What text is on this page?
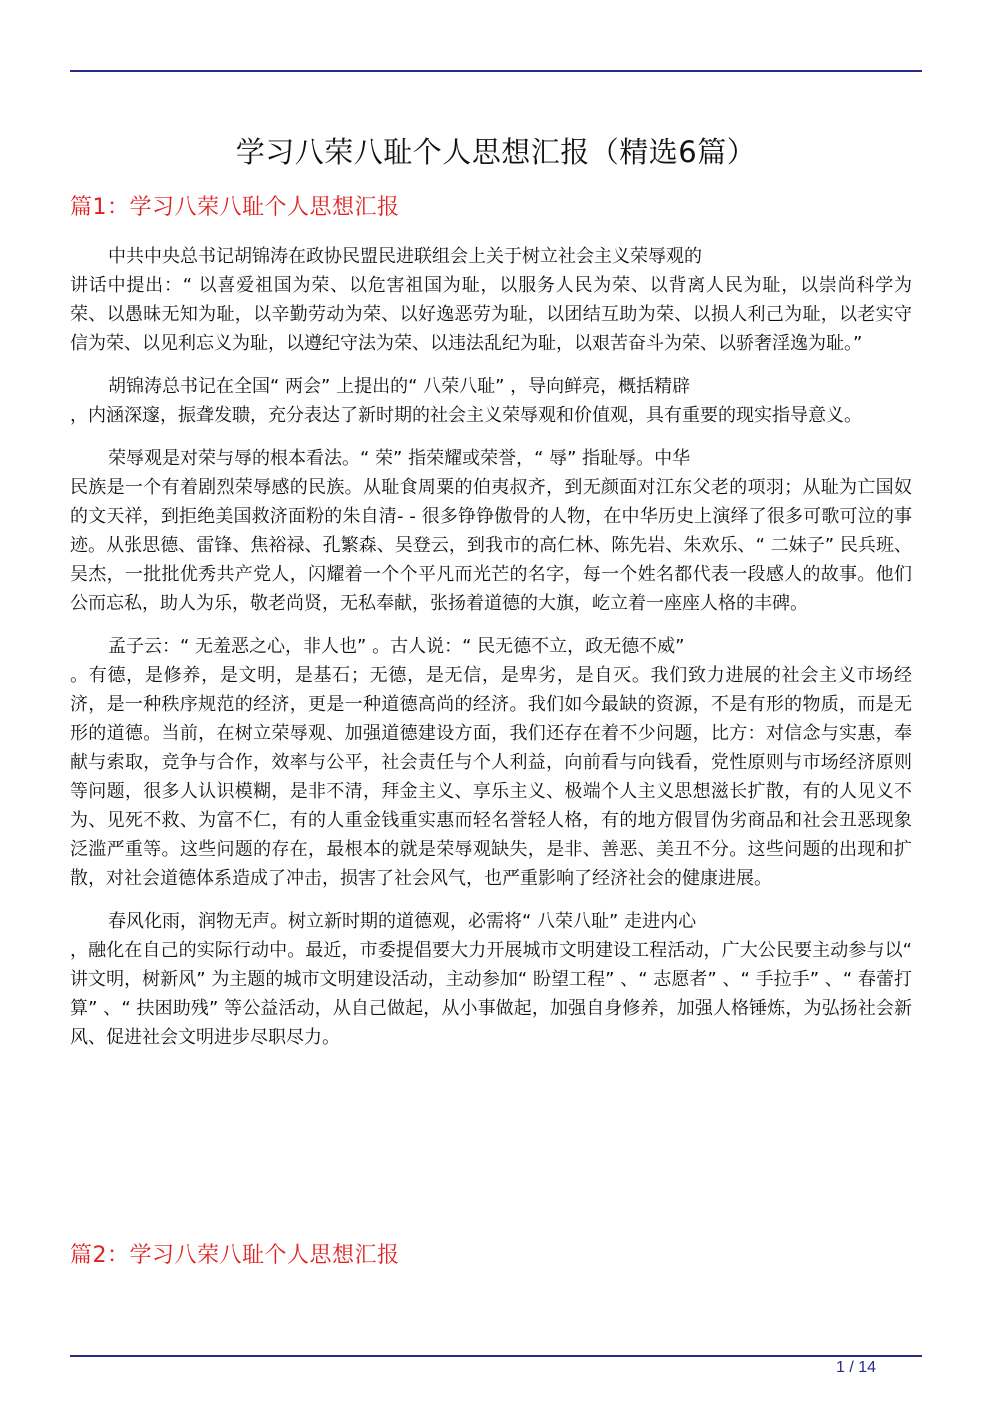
学习八荣八耻个人思想汇报（精选6篇）
篇1：学习八荣八耻个人思想汇报

中共中央总书记胡锦涛在政协民盟民进联组会上关于树立社会主义荣辱观的
讲话中提出：“ 以喜爱祖国为荣、以危害祖国为耻，以服务人民为荣、以背离人民为耻，以崇尚科学为荣、以愚昧无知为耻，以辛勤劳动为荣、以好逸恶劳为耻，以团结互助为荣、以损人利己为耻，以老实守信为荣、以见利忘义为耻，以遵纪守法为荣、以违法乱纪为耻，以艰苦奋斗为荣、以骄奢淫逸为耻。”

胡锦涛总书记在全国“ 两会” 上提出的“ 八荣八耻” ，导向鲜亮，概括精辟
，内涵深邃，振聋发聩，充分表达了新时期的社会主义荣辱观和价值观，具有重要的现实指导意义。

荣辱观是对荣与辱的根本看法。“ 荣” 指荣耀或荣誉，“ 辱” 指耻辱。中华
民族是一个有着剧烈荣辱感的民族。从耻食周粟的伯夷叔齐，到无颜面对江东父老的项羽；从耻为亡国奴的文天祥，到拒绝美国救济面粉的朱自清- - 很多铮铮傲骨的人物，在中华历史上演绎了很多可歌可泣的事迹。从张思德、雷锋、焦裕禄、孔繁森、吴登云，到我市的高仁林、陈先岩、朱欢乐、“ 二妹子” 民兵班、吴杰，一批批优秀共产党人，闪耀着一个个平凡而光芒的名字，每一个姓名都代表一段感人的故事。他们公而忘私，助人为乐，敬老尚贤，无私奉献，张扬着道德的大旗，屹立着一座座人格的丰碑。

孟子云：“ 无羞恶之心，非人也” 。古人说：“ 民无德不立，政无德不威”
。有德，是修养，是文明，是基石；无德，是无信，是卑劣，是自灭。我们致力进展的社会主义市场经济，是一种秩序规范的经济，更是一种道德高尚的经济。我们如今最缺的资源，不是有形的物质，而是无形的道德。当前，在树立荣辱观、加强道德建设方面，我们还存在着不少问题，比方：对信念与实惠，奉献与索取，竞争与合作，效率与公平，社会责任与个人利益，向前看与向钱看，党性原则与市场经济原则等问题，很多人认识模糊，是非不清，拜金主义、享乐主义、极端个人主义思想滋长扩散，有的人见义不为、见死不救、为富不仁，有的人重金钱重实惠而轻名誉轻人格，有的地方假冒伪劣商品和社会丑恶现象泛滥严重等。这些问题的存在，最根本的就是荣辱观缺失，是非、善恶、美丑不分。这些问题的出现和扩散，对社会道德体系造成了冲击，损害了社会风气，也严重影响了经济社会的健康进展。

春风化雨，润物无声。树立新时期的道德观，必需将“ 八荣八耻” 走进内心
，融化在自己的实际行动中。最近，市委提倡要大力开展城市文明建设工程活动，广大公民要主动参与以“ 讲文明，树新风” 为主题的城市文明建设活动，主动参加“ 盼望工程” 、“ 志愿者” 、“ 手拉手” 、“ 春蕾打算” 、“ 扶困助残” 等公益活动，从自己做起，从小事做起，加强自身修养，加强人格锤炼，为弘扬社会新风、促进社会文明进步尽职尽力。

篇2：学习八荣八耻个人思想汇报
1 / 14
